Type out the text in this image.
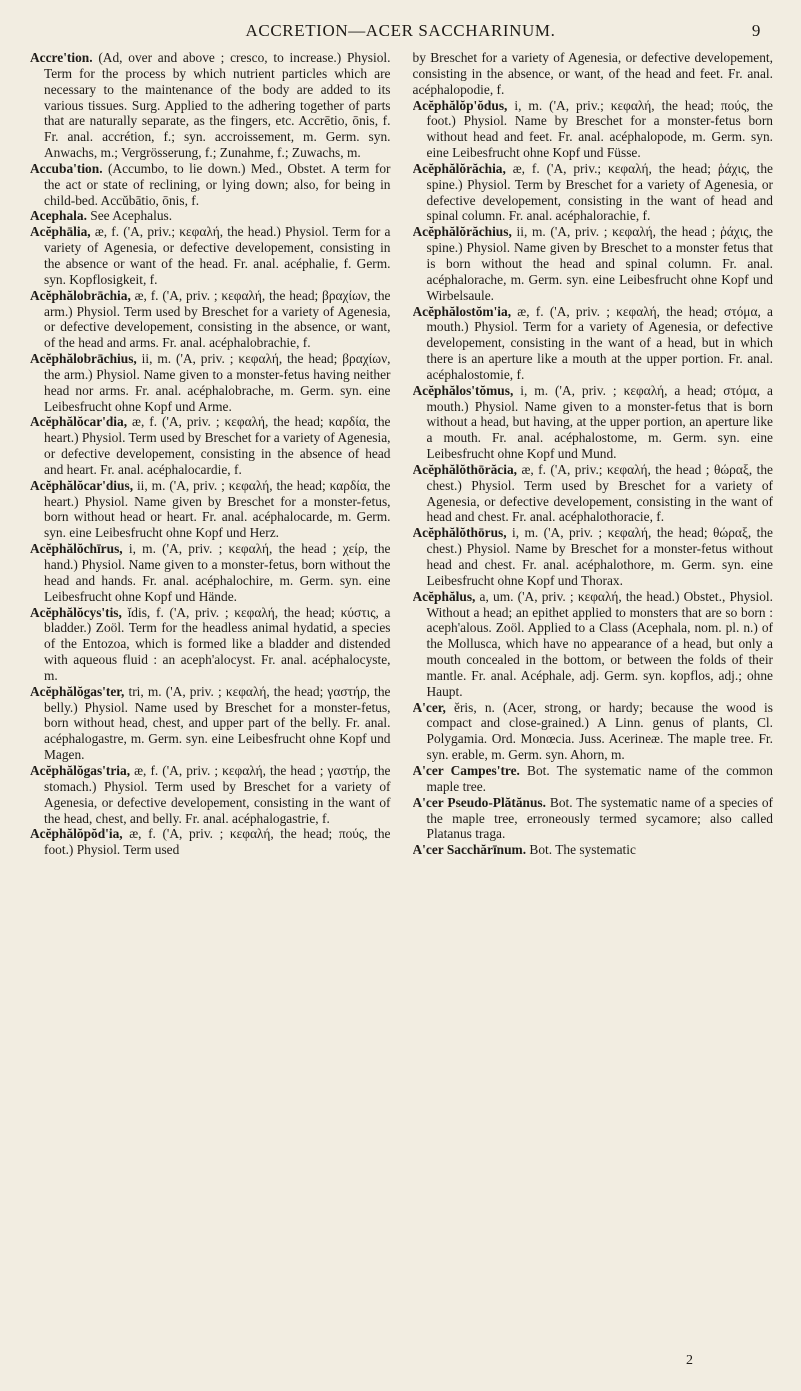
ACCRETION—ACER SACCHARINUM.	9

Accre'tion. (Ad, over and above ; cresco, to increase.) Physiol. Term for the process by which nutrient particles which are necessary to the maintenance of the body are added to its various tissues. Surg. Applied to the adhering together of parts that are naturally separate, as the fingers, etc. Accrētio, ōnis, f. Fr. anal. accrétion, f.; syn. accroissement, m. Germ. syn. Anwachs, m.; Vergrösserung, f.; Zunahme, f.; Zuwachs, m.

Accuba'tion. (Accumbo, to lie down.) Med., Obstet. A term for the act or state of reclining, or lying down; also, for being in child-bed. Accŭbātio, ōnis, f.

Acephala. See Acephalus.

Acĕphālia, æ, f. ('A, priv.; κεφαλή, the head.) Physiol. Term for a variety of Agenesia, or defective developement, consisting in the absence or want of the head. Fr. anal. acéphalie, f. Germ. syn. Kopflosigkeit, f.

Acĕphălobrāchia, æ, f. ('A, priv. ; κεφαλή, the head; βραχίων, the arm.) Physiol. Term used by Breschet for a variety of Agenesia, or defective developement, consisting in the absence, or want, of the head and arms. Fr. anal. acéphalobrachie, f.

Acĕphălobrāchius, ii, m. ('A, priv. ; κεφαλή, the head; βραχίων, the arm.) Physiol. Name given to a monster-fetus having neither head nor arms. Fr. anal. acéphalobrache, m. Germ. syn. eine Leibesfrucht ohne Kopf und Arme.

Acĕphălŏcar'dia, æ, f. ('A, priv. ; κεφαλή, the head; καρδία, the heart.) Physiol. Term used by Breschet for a variety of Agenesia, or defective developement, consisting in the absence of head and heart. Fr. anal. acéphalocardie, f.

Acĕphălŏcar'dius, ii, m. ('A, priv. ; κεφαλή, the head; καρδία, the heart.) Physiol. Name given by Breschet for a monster-fetus, born without head or heart. Fr. anal. acéphalocarde, m. Germ. syn. eine Leibesfrucht ohne Kopf und Herz.

Acĕphălŏchīrus, i, m. ('A, priv. ; κεφαλή, the head ; χείρ, the hand.) Physiol. Name given to a monster-fetus, born without the head and hands. Fr. anal. acéphalochire, m. Germ. syn. eine Leibesfrucht ohne Kopf und Hände.

Acĕphălŏcys'tis, ĭdis, f. ('A, priv. ; κεφαλή, the head; κύστις, a bladder.) Zoöl. Term for the headless animal hydatid, a species of the Entozoa, which is formed like a bladder and distended with aqueous fluid : an aceph'alocyst. Fr. anal. acéphalocyste, m.

Acĕphălŏgas'ter, tri, m. ('A, priv. ; κεφαλή, the head; γαστήρ, the belly.) Physiol. Name used by Breschet for a monster-fetus, born without head, chest, and upper part of the belly. Fr. anal. acéphalogastre, m. Germ. syn. eine Leibesfrucht ohne Kopf und Magen.

Acĕphălŏgas'tria, æ, f. ('A, priv. ; κεφαλή, the head ; γαστήρ, the stomach.) Physiol. Term used by Breschet for a variety of Agenesia, or defective developement, consisting in the want of the head, chest, and belly. Fr. anal. acéphalogastrie, f.

Acĕphălŏpŏd'ia, æ, f. ('A, priv. ; κεφαλή, the head; πούς, the foot.) Physiol. Term used

by Breschet for a variety of Agenesia, or defective developement, consisting in the absence, or want, of the head and feet. Fr. anal. acéphalopodie, f.

Acĕphălŏp'ŏdus, i, m. ('A, priv.; κεφαλή, the head; πούς, the foot.) Physiol. Name by Breschet for a monster-fetus born without head and feet. Fr. anal. acéphalopode, m. Germ. syn. eine Leibesfrucht ohne Kopf und Füsse.

Acĕphălŏrăchia, æ, f. ('A, priv.; κεφαλή, the head; ῥάχις, the spine.) Physiol. Term by Breschet for a variety of Agenesia, or defective developement, consisting in the want of head and spinal column. Fr. anal. acéphalorachie, f.

Acĕphălŏrăchius, ii, m. ('A, priv. ; κεφαλή, the head ; ῥάχις, the spine.) Physiol. Name given by Breschet to a monster fetus that is born without the head and spinal column. Fr. anal. acéphalorache, m. Germ. syn. eine Leibesfrucht ohne Kopf und Wirbelsaule.

Acĕphălostŏm'ia, æ, f. ('A, priv. ; κεφαλή, the head; στόμα, a mouth.) Physiol. Term for a variety of Agenesia, or defective developement, consisting in the want of a head, but in which there is an aperture like a mouth at the upper portion. Fr. anal. acéphalostomie, f.

Acĕphălos'tŏmus, i, m. ('A, priv. ; κεφαλή, a head; στόμα, a mouth.) Physiol. Name given to a monster-fetus that is born without a head, but having, at the upper portion, an aperture like a mouth. Fr. anal. acéphalostome, m. Germ. syn. eine Leibesfrucht ohne Kopf und Mund.

Acĕphălŏthōrăcia, æ, f. ('A, priv.; κεφαλή, the head ; θώραξ, the chest.) Physiol. Term used by Breschet for a variety of Agenesia, or defective developement, consisting in the want of head and chest. Fr. anal. acéphalothoracie, f.

Acĕphălŏthōrus, i, m. ('A, priv. ; κεφαλή, the head; θώραξ, the chest.) Physiol. Name by Breschet for a monster-fetus without head and chest. Fr. anal. acéphalothore, m. Germ. syn. eine Leibesfrucht ohne Kopf und Thorax.

Acĕphălus, a, um. ('A, priv. ; κεφαλή, the head.) Obstet., Physiol. Without a head; an epithet applied to monsters that are so born : aceph'alous. Zoöl. Applied to a Class (Acephala, nom. pl. n.) of the Mollusca, which have no appearance of a head, but only a mouth concealed in the bottom, or between the folds of their mantle. Fr. anal. Acéphale, adj. Germ. syn. kopflos, adj.; ohne Haupt.

A'cer, ĕris, n. (Acer, strong, or hardy; because the wood is compact and close-grained.) A Linn. genus of plants, Cl. Polygamia. Ord. Monœcia. Juss. Acerineæ. The maple tree. Fr. syn. erable, m. Germ. syn. Ahorn, m.

A'cer Campes'tre. Bot. The systematic name of the common maple tree.

A'cer Pseudo-Plătănus. Bot. The systematic name of a species of the maple tree, erroneously termed sycamore; also called Platanus traga.

A'cer Sacchărīnum. Bot. The systematic

2
